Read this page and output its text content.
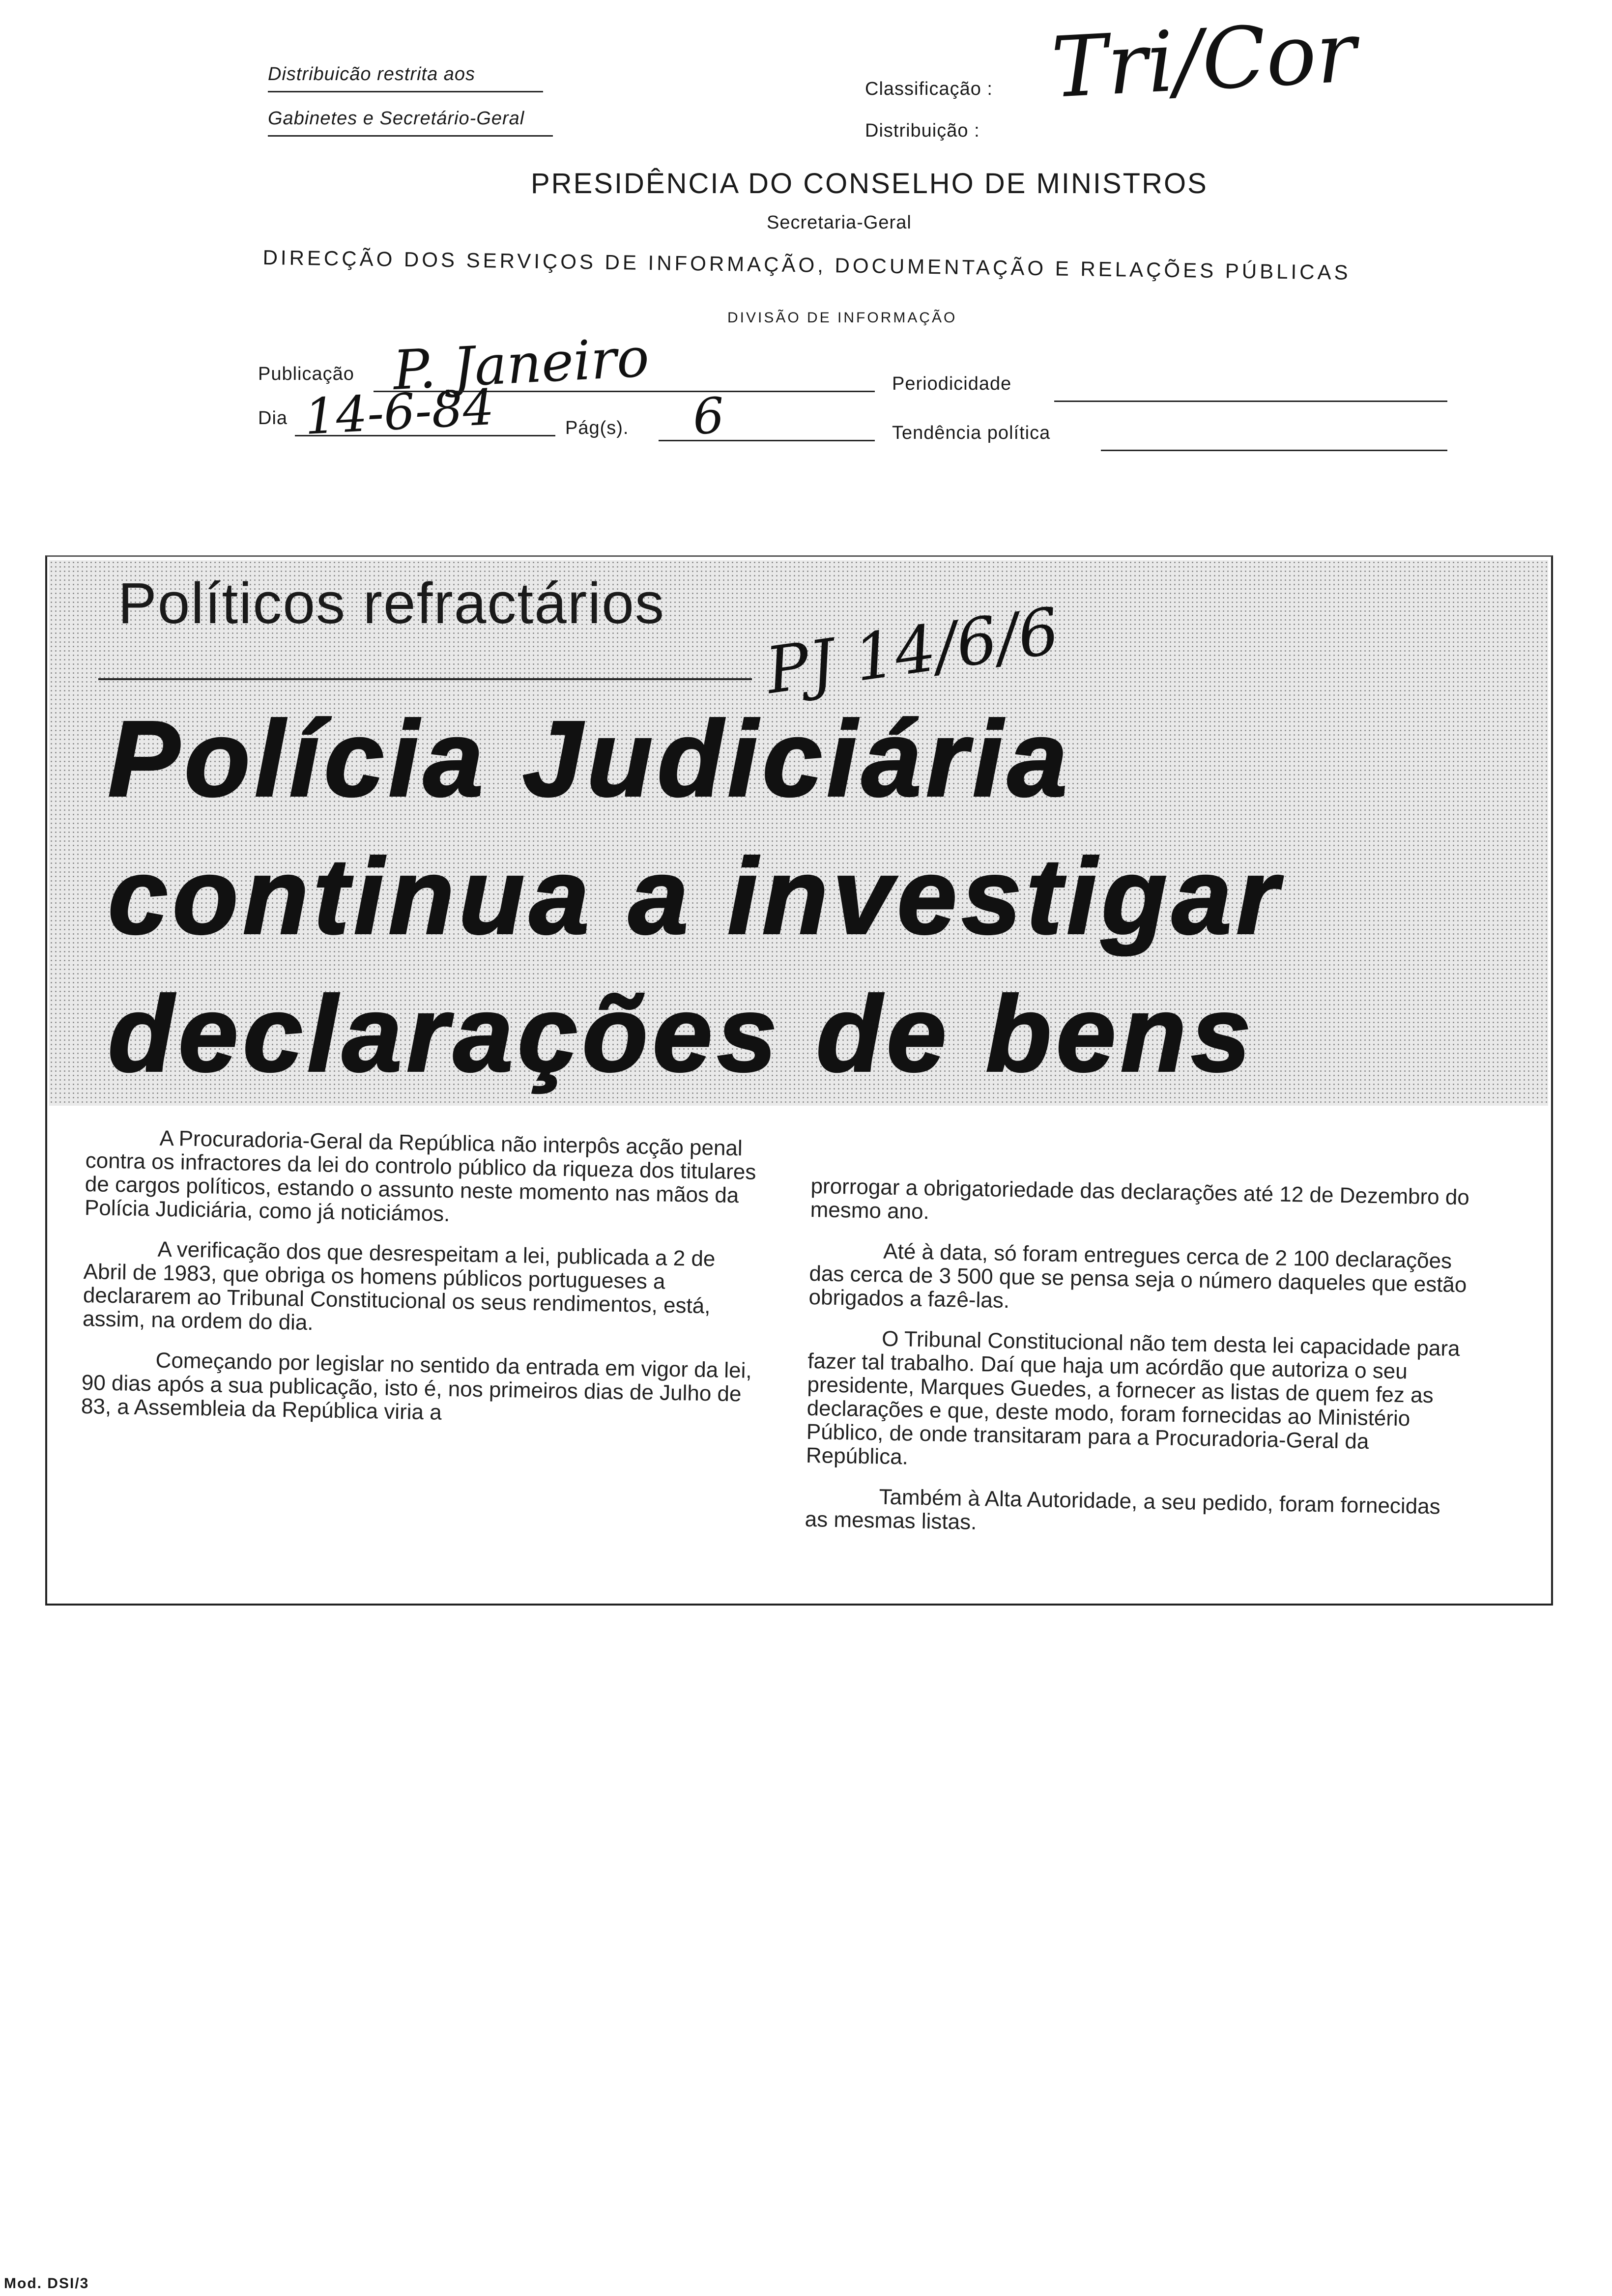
Distribuicão restrita aos
Gabinetes e Secretário-Geral
Classificação : Tri/Cor
Distribuição :
PRESIDÊNCIA DO CONSELHO DE MINISTROS
Secretaria-Geral
DIRECÇÃO DOS SERVIÇOS DE INFORMAÇÃO, DOCUMENTAÇÃO E RELAÇÕES PÚBLICAS
DIVISÃO DE INFORMAÇÃO
Publicação P. Janeiro	Periodicidade
Dia 14-6-84	Pág(s). 6	Tendência política
Políticos refractários PJ 14/6/6
Polícia Judiciária
continua a investigar
declarações de bens

A Procuradoria-Geral da República não interpôs acção penal contra os infractores da lei do controlo público da riqueza dos titulares de cargos políticos, estando o assunto neste momento nas mãos da Polícia Judiciária, como já noticiámos.

A verificação dos que desrespeitam a lei, publicada a 2 de Abril de 1983, que obriga os homens públicos portugueses a declararem ao Tribunal Constitucional os seus rendimentos, está, assim, na ordem do dia.

Começando por legislar no sentido da entrada em vigor da lei, 90 dias após a sua publicação, isto é, nos primeiros dias de Julho de 83, a Assembleia da República viria a

prorrogar a obrigatoriedade das declarações até 12 de Dezembro do mesmo ano.

Até à data, só foram entregues cerca de 2 100 declarações das cerca de 3 500 que se pensa seja o número daqueles que estão obrigados a fazê-las.

O Tribunal Constitucional não tem desta lei capacidade para fazer tal trabalho. Daí que haja um acórdão que autoriza o seu presidente, Marques Guedes, a fornecer as listas de quem fez as declarações e que, deste modo, foram fornecidas ao Ministério Público, de onde transitaram para a Procuradoria-Geral da República.

Também à Alta Autoridade, a seu pedido, foram fornecidas as mesmas listas.

Mod. DSI/3
